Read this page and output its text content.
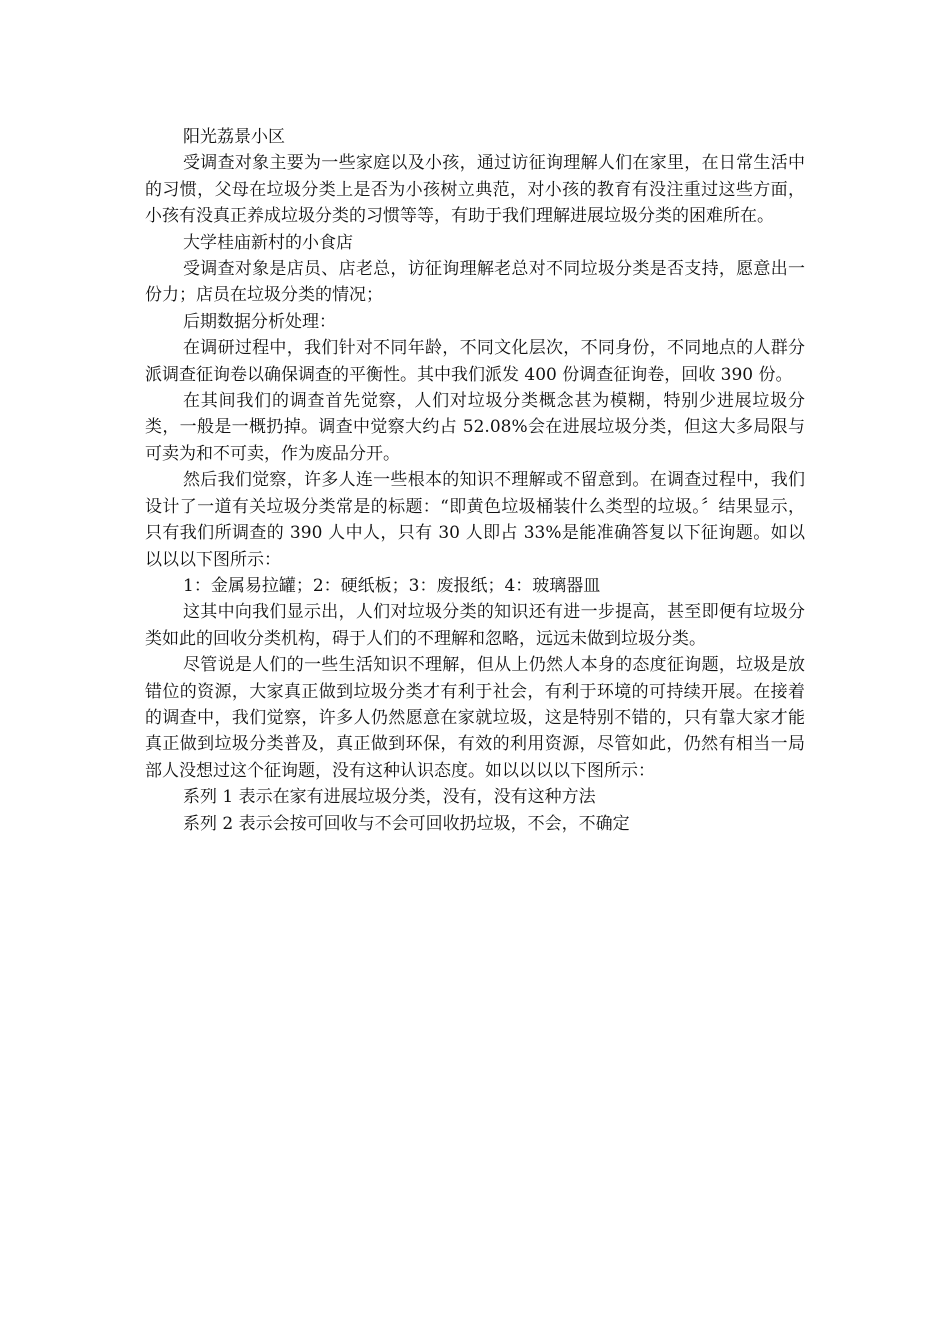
阳光荔景小区

受调查对象主要为一些家庭以及小孩，通过访征询理解人们在家里，在日常生活中的习惯，父母在垃圾分类上是否为小孩树立典范，对小孩的教育有没注重过这些方面，小孩有没真正养成垃圾分类的习惯等等，有助于我们理解进展垃圾分类的困难所在。

大学桂庙新村的小食店

受调查对象是店员、店老总，访征询理解老总对不同垃圾分类是否支持，愿意出一份力；店员在垃圾分类的情况；

后期数据分析处理：

在调研过程中，我们针对不同年龄，不同文化层次，不同身份，不同地点的人群分派调查征询卷以确保调查的平衡性。其中我们派发 400 份调查征询卷，回收 390 份。

在其间我们的调查首先觉察，人们对垃圾分类概念甚为模糊，特别少进展垃圾分类，一般是一概扔掉。调查中觉察大约占 52.08%会在进展垃圾分类，但这大多局限与可卖为和不可卖，作为废品分开。

然后我们觉察，许多人连一些根本的知识不理解或不留意到。在调查过程中，我们设计了一道有关垃圾分类常是的标题：“即黄色垃圾桶装什么类型的垃圾。〞结果显示，只有我们所调查的 390 人中人，只有 30 人即占 33%是能准确答复以下征询题。如以以以以下图所示：

1：金属易拉罐；2：硬纸板；3：废报纸；4：玻璃器皿

这其中向我们显示出，人们对垃圾分类的知识还有进一步提高，甚至即便有垃圾分类如此的回收分类机构，碍于人们的不理解和忽略，远远未做到垃圾分类。

尽管说是人们的一些生活知识不理解，但从上仍然人本身的态度征询题，垃圾是放错位的资源，大家真正做到垃圾分类才有利于社会，有利于环境的可持续开展。在接着的调查中，我们觉察，许多人仍然愿意在家就垃圾，这是特别不错的，只有靠大家才能真正做到垃圾分类普及，真正做到环保，有效的利用资源，尽管如此，仍然有相当一局部人没想过这个征询题，没有这种认识态度。如以以以以下图所示：

系列 1 表示在家有进展垃圾分类，没有，没有这种方法

系列 2 表示会按可回收与不会可回收扔垃圾，不会，不确定
